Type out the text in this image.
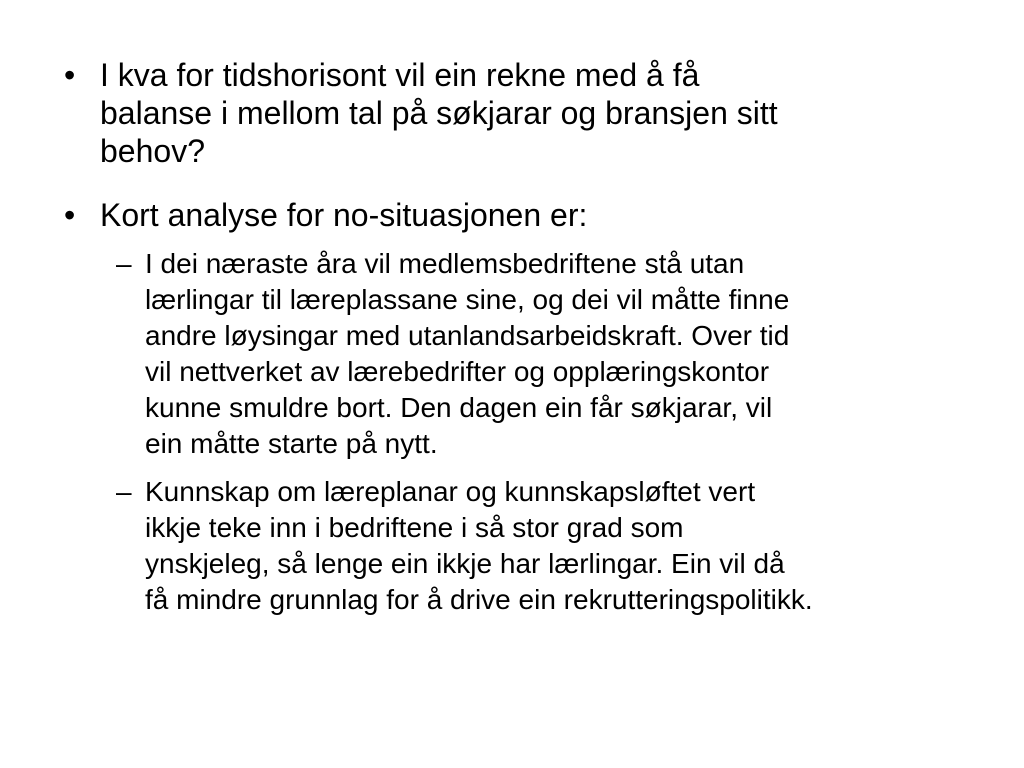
• I kva for tidshorisont vil ein rekne med å få
balanse i mellom tal på søkjarar og bransjen sitt
behov?
• Kort analyse for no-situasjonen er:
– I dei næraste åra vil medlemsbedriftene stå utan
lærlingar til læreplassane sine, og dei vil måtte finne
andre løysingar med utanlandsarbeidskraft. Over tid
vil nettverket av lærebedrifter og opplæringskontor
kunne smuldre bort. Den dagen ein får søkjarar, vil
ein måtte starte på nytt.
– Kunnskap om læreplanar og kunnskapsløftet vert
ikkje teke inn i bedriftene i så stor grad som
ynskjeleg, så lenge ein ikkje har lærlingar. Ein vil då
få mindre grunnlag for å drive ein rekrutteringspolitikk.
